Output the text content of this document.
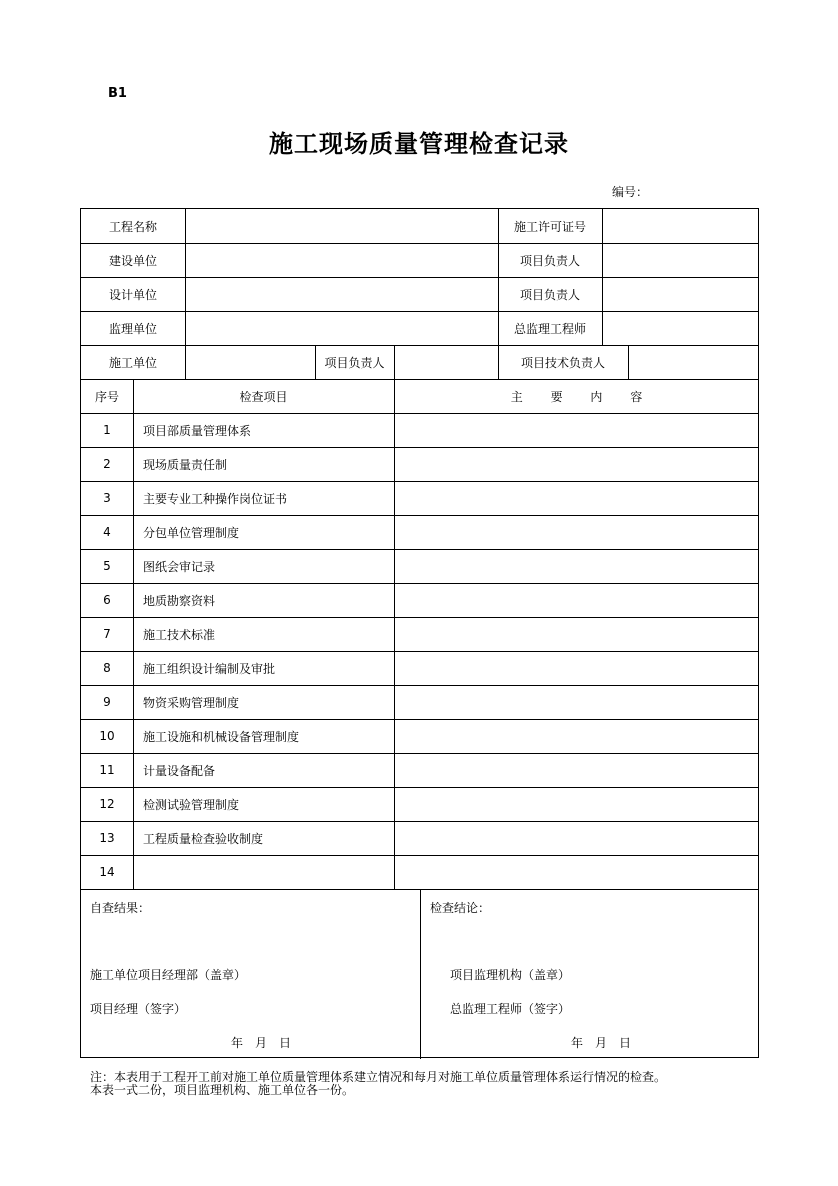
B1
施工现场质量管理检查记录
编号：
工程名称	施工许可证号
建设单位	项目负责人
设计单位	项目负责人
监理单位	总监理工程师
施工单位	项目负责人	项目技术负责人
序号	检查项目	主 要 内 容
1	项目部质量管理体系
2	现场质量责任制
3	主要专业工种操作岗位证书
4	分包单位管理制度
5	图纸会审记录
6	地质勘察资料
7	施工技术标准
8	施工组织设计编制及审批
9	物资采购管理制度
10	施工设施和机械设备管理制度
11	计量设备配备
12	检测试验管理制度
13	工程质量检查验收制度
14
自查结果：
施工单位项目经理部（盖章）
项目经理（签字）
年　月　日
检查结论：
项目监理机构（盖章）
总监理工程师（签字）
年　月　日
注：本表用于工程开工前对施工单位质量管理体系建立情况和每月对施工单位质量管理体系运行情况的检查。
本表一式二份，项目监理机构、施工单位各一份。
